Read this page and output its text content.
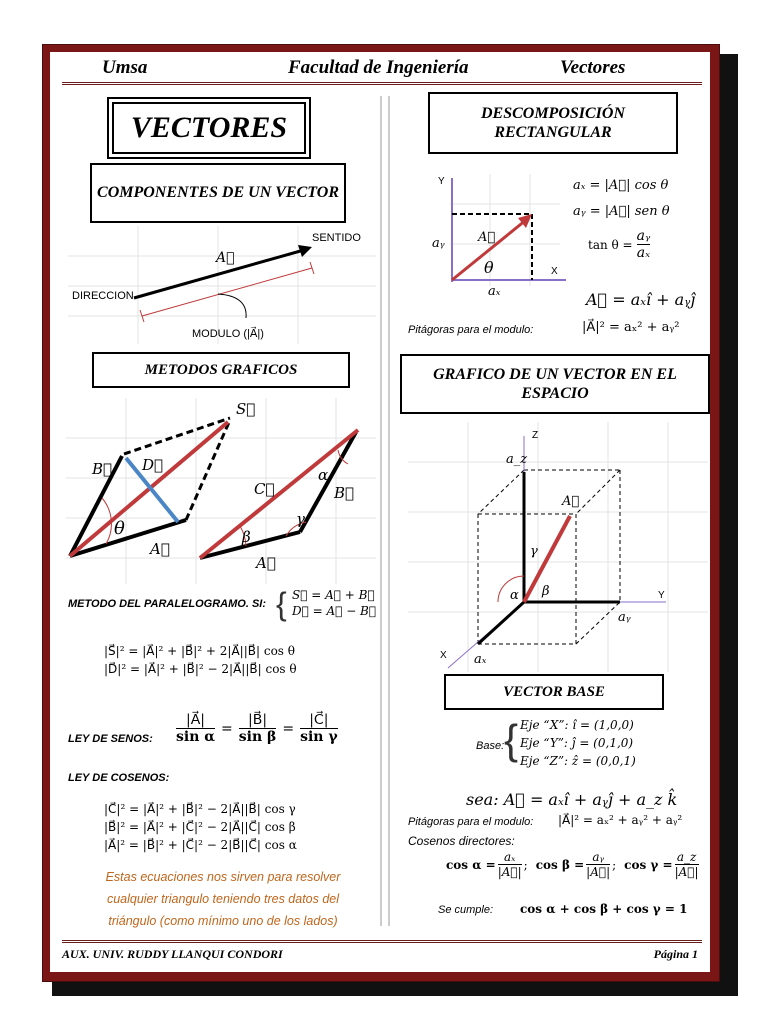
Umsa	Facultad de Ingeniería	Vectores
VECTORES
COMPONENTES DE UN VECTOR
A⃗
SENTIDO
DIRECCION
MODULO (|A⃗|)
METODOS GRAFICOS
S⃗
B⃗ D⃗
θ
A⃗
C⃗
α
B⃗
β
γ
A⃗
METODO DEL PARALELOGRAMO. SI: { S⃗ = A⃗ + B⃗
D⃗ = A⃗ − B⃗
|S⃗|² = |A⃗|² + |B⃗|² + 2|A⃗||B⃗| cos θ
|D⃗|² = |A⃗|² + |B⃗|² − 2|A⃗||B⃗| cos θ
LEY DE SENOS: $\frac{|A⃗|}{\text{sin α}} = \frac{|B⃗|}{\text{sin β}} = \frac{|C⃗|}{\text{sin γ}}$
LEY DE COSENOS:
|C⃗|² = |A⃗|² + |B⃗|² − 2|A⃗||B⃗| cos γ
|B⃗|² = |A⃗|² + |C⃗|² − 2|A⃗||C⃗| cos β
|A⃗|² = |B⃗|² + |C⃗|² − 2|B⃗||C⃗| cos α
Estas ecuaciones nos sirven para resolver cualquier triangulo teniendo tres datos del triángulo (como mínimo uno de los lados)
DESCOMPOSICIÓN RECTANGULAR
Y
X
A⃗
θ
aᵧ
aₓ
aₓ = |A⃗| cos θ
aᵧ = |A⃗| sen θ
$\tan \theta = \frac{\text{aᵧ}}{\text{aₓ}}$
A⃗ = aₓî + aᵧĵ
Pitágoras para el modulo:	|A⃗|² = aₓ² + aᵧ²
GRAFICO DE UN VECTOR EN EL ESPACIO
Z
a_z
A⃗
γ
α β	Y
aᵧ
X aₓ
VECTOR BASE
Base: { Eje “X”: î = (1,0,0)
Eje “Y”: ĵ = (0,1,0)
Eje “Z”: ẑ = (0,0,1)
sea: A⃗ = aₓî + aᵧĵ + a_z k̂
Pitágoras para el modulo: |A⃗|² = aₓ² + aᵧ² + aᵧ²
Cosenos directores:
$\cos \alpha = \frac{\text{aₓ}}{|A⃗|}$ ; $\cos \beta = \frac{\text{aᵧ}}{|A⃗|}$ ; $\cos \gamma = \frac{a\_z}{|A⃗|}$
Se cumple: cos α + cos β + cos γ = 1
AUX. UNIV. RUDDY LLANQUI CONDORI	Página 1
